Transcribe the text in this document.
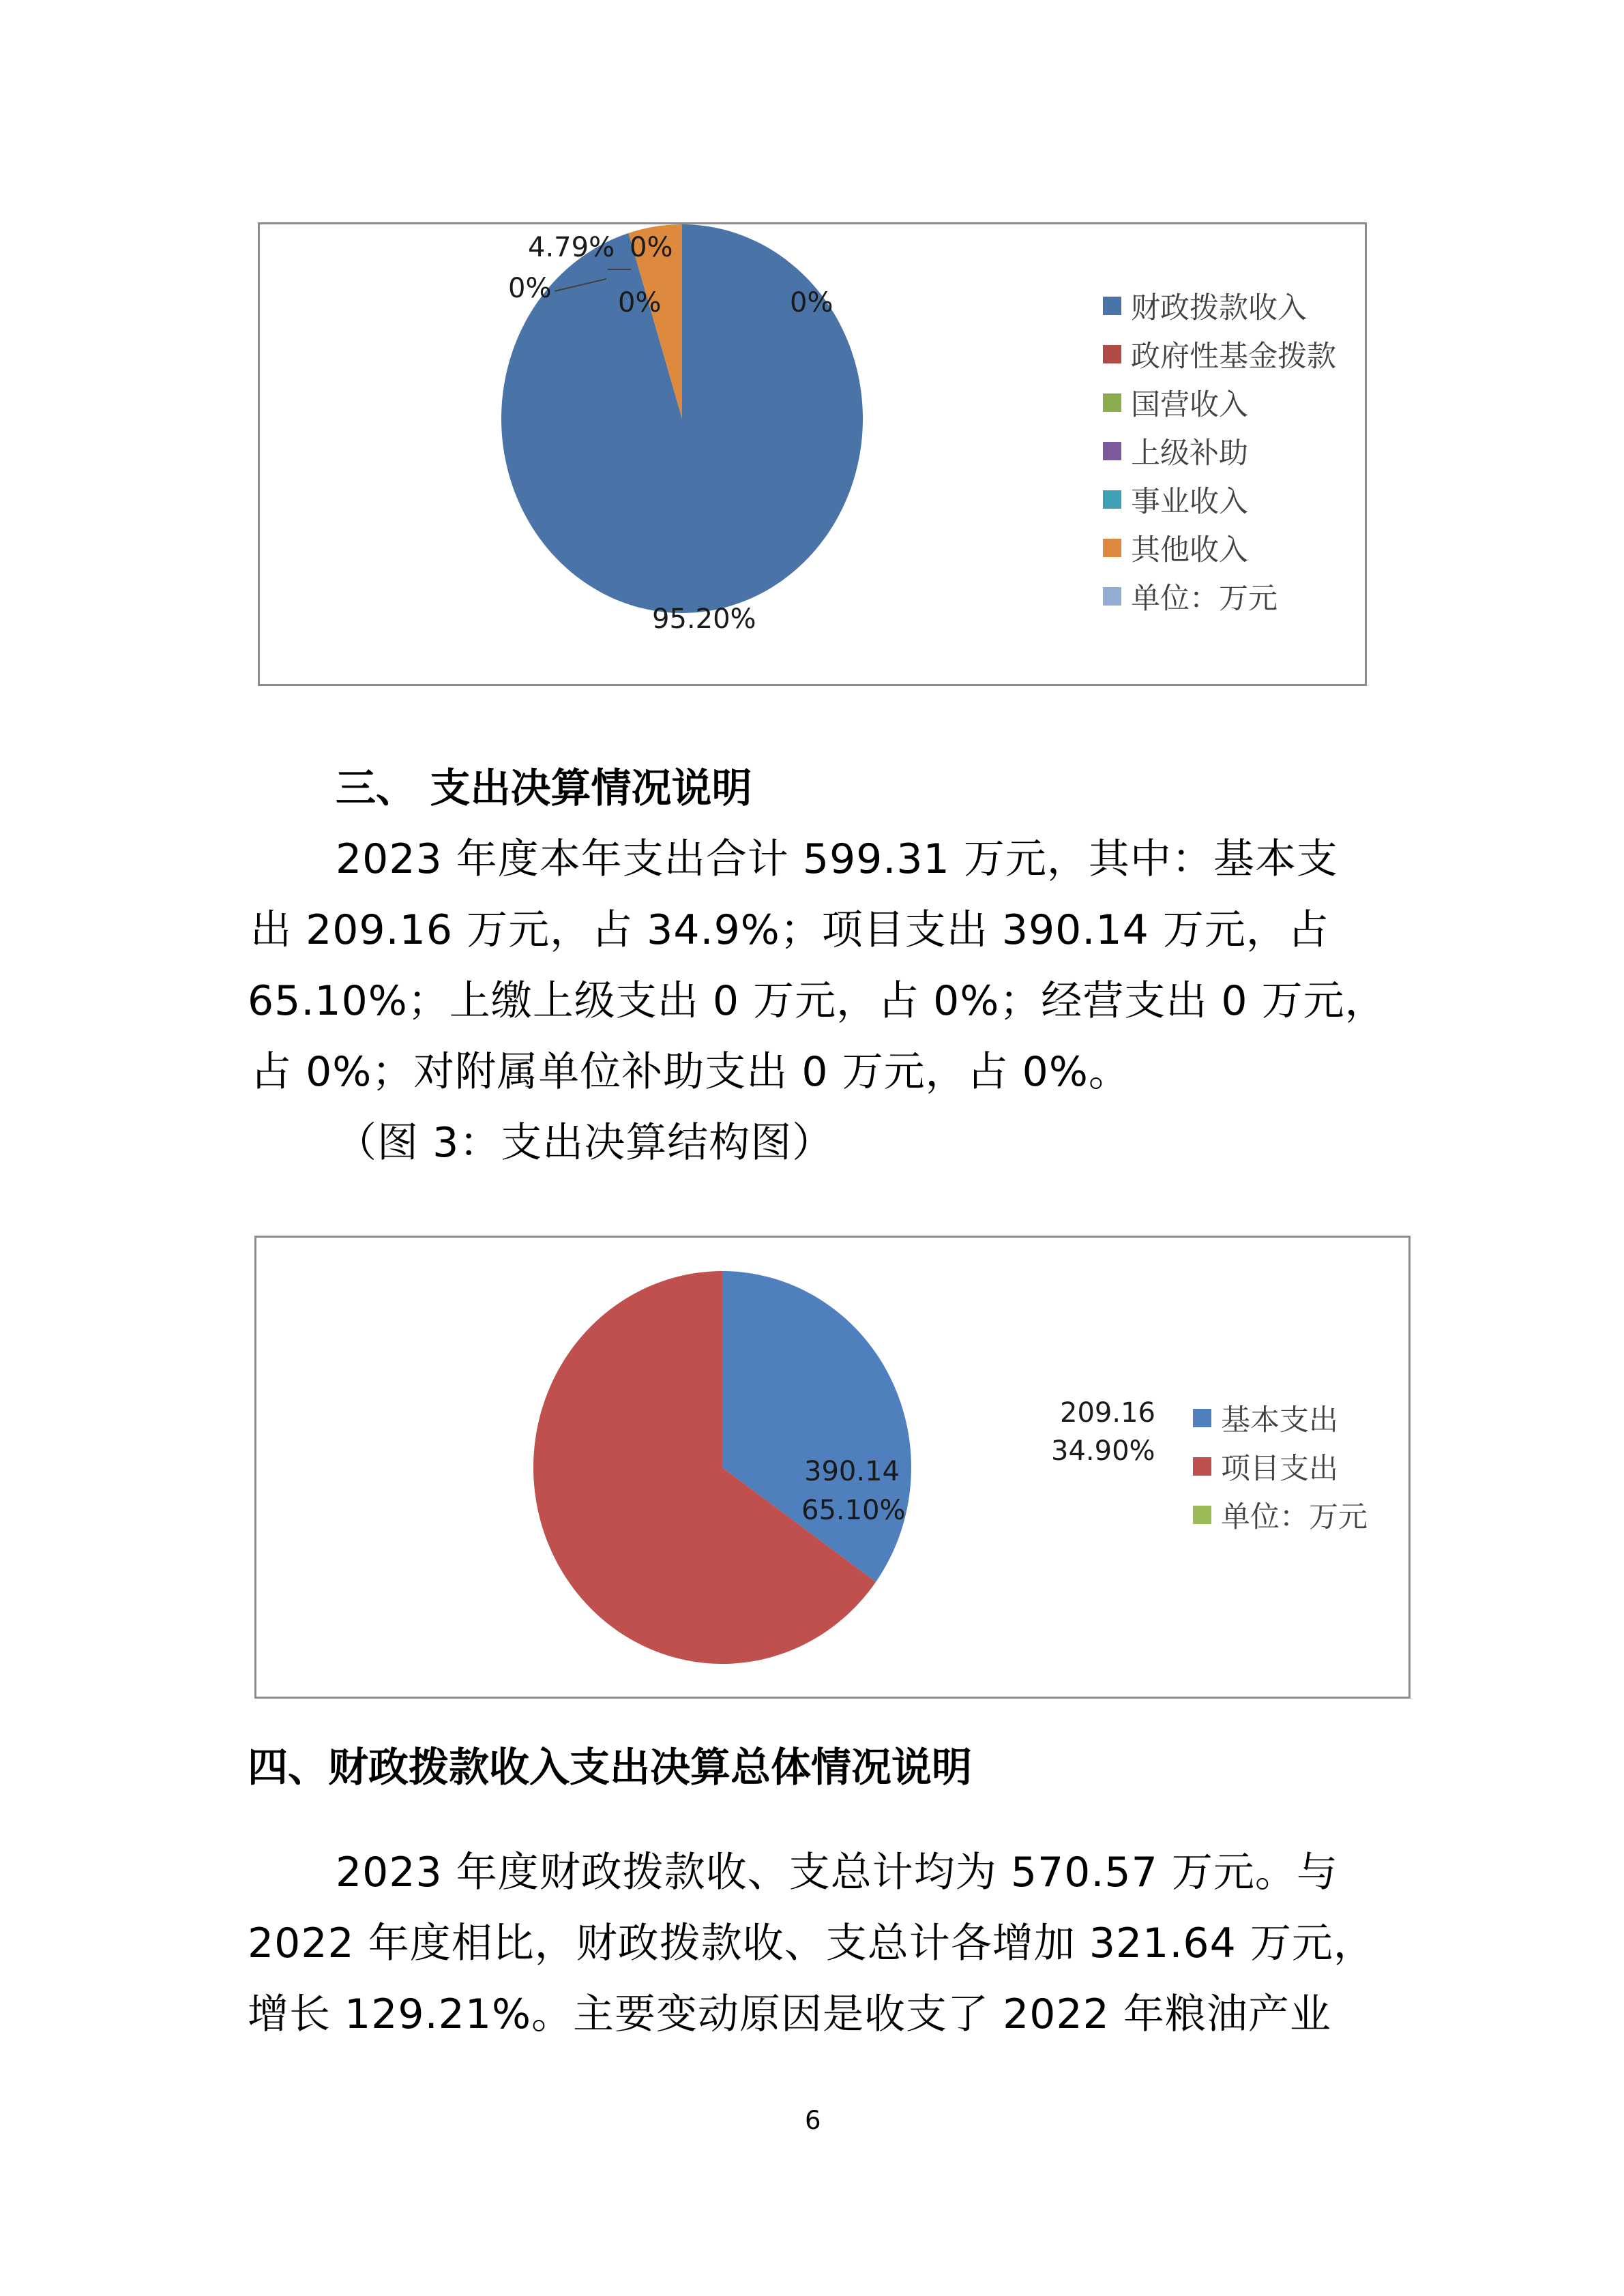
4.79% 0%
0% 0%	0%
95.20%
财政拨款收入
政府性基金拨款
国营收入
上级补助
事业收入
其他收入
单位：万元
三、 支出决算情况说明
2023 年度本年支出合计 599.31 万元，其中：基本支
出 209.16 万元，占 34.9%；项目支出 390.14 万元，占
65.10%；上缴上级支出 0 万元，占 0%；经营支出 0 万元，
占 0%；对附属单位补助支出 0 万元，占 0%。
（图 3：支出决算结构图）
209.16
34.90%
390.14
65.10%
基本支出
项目支出
单位：万元
四、财政拨款收入支出决算总体情况说明
2023 年度财政拨款收、支总计均为 570.57 万元。与
2022 年度相比，财政拨款收、支总计各增加 321.64 万元，
增长 129.21%。主要变动原因是收支了 2022 年粮油产业
6
